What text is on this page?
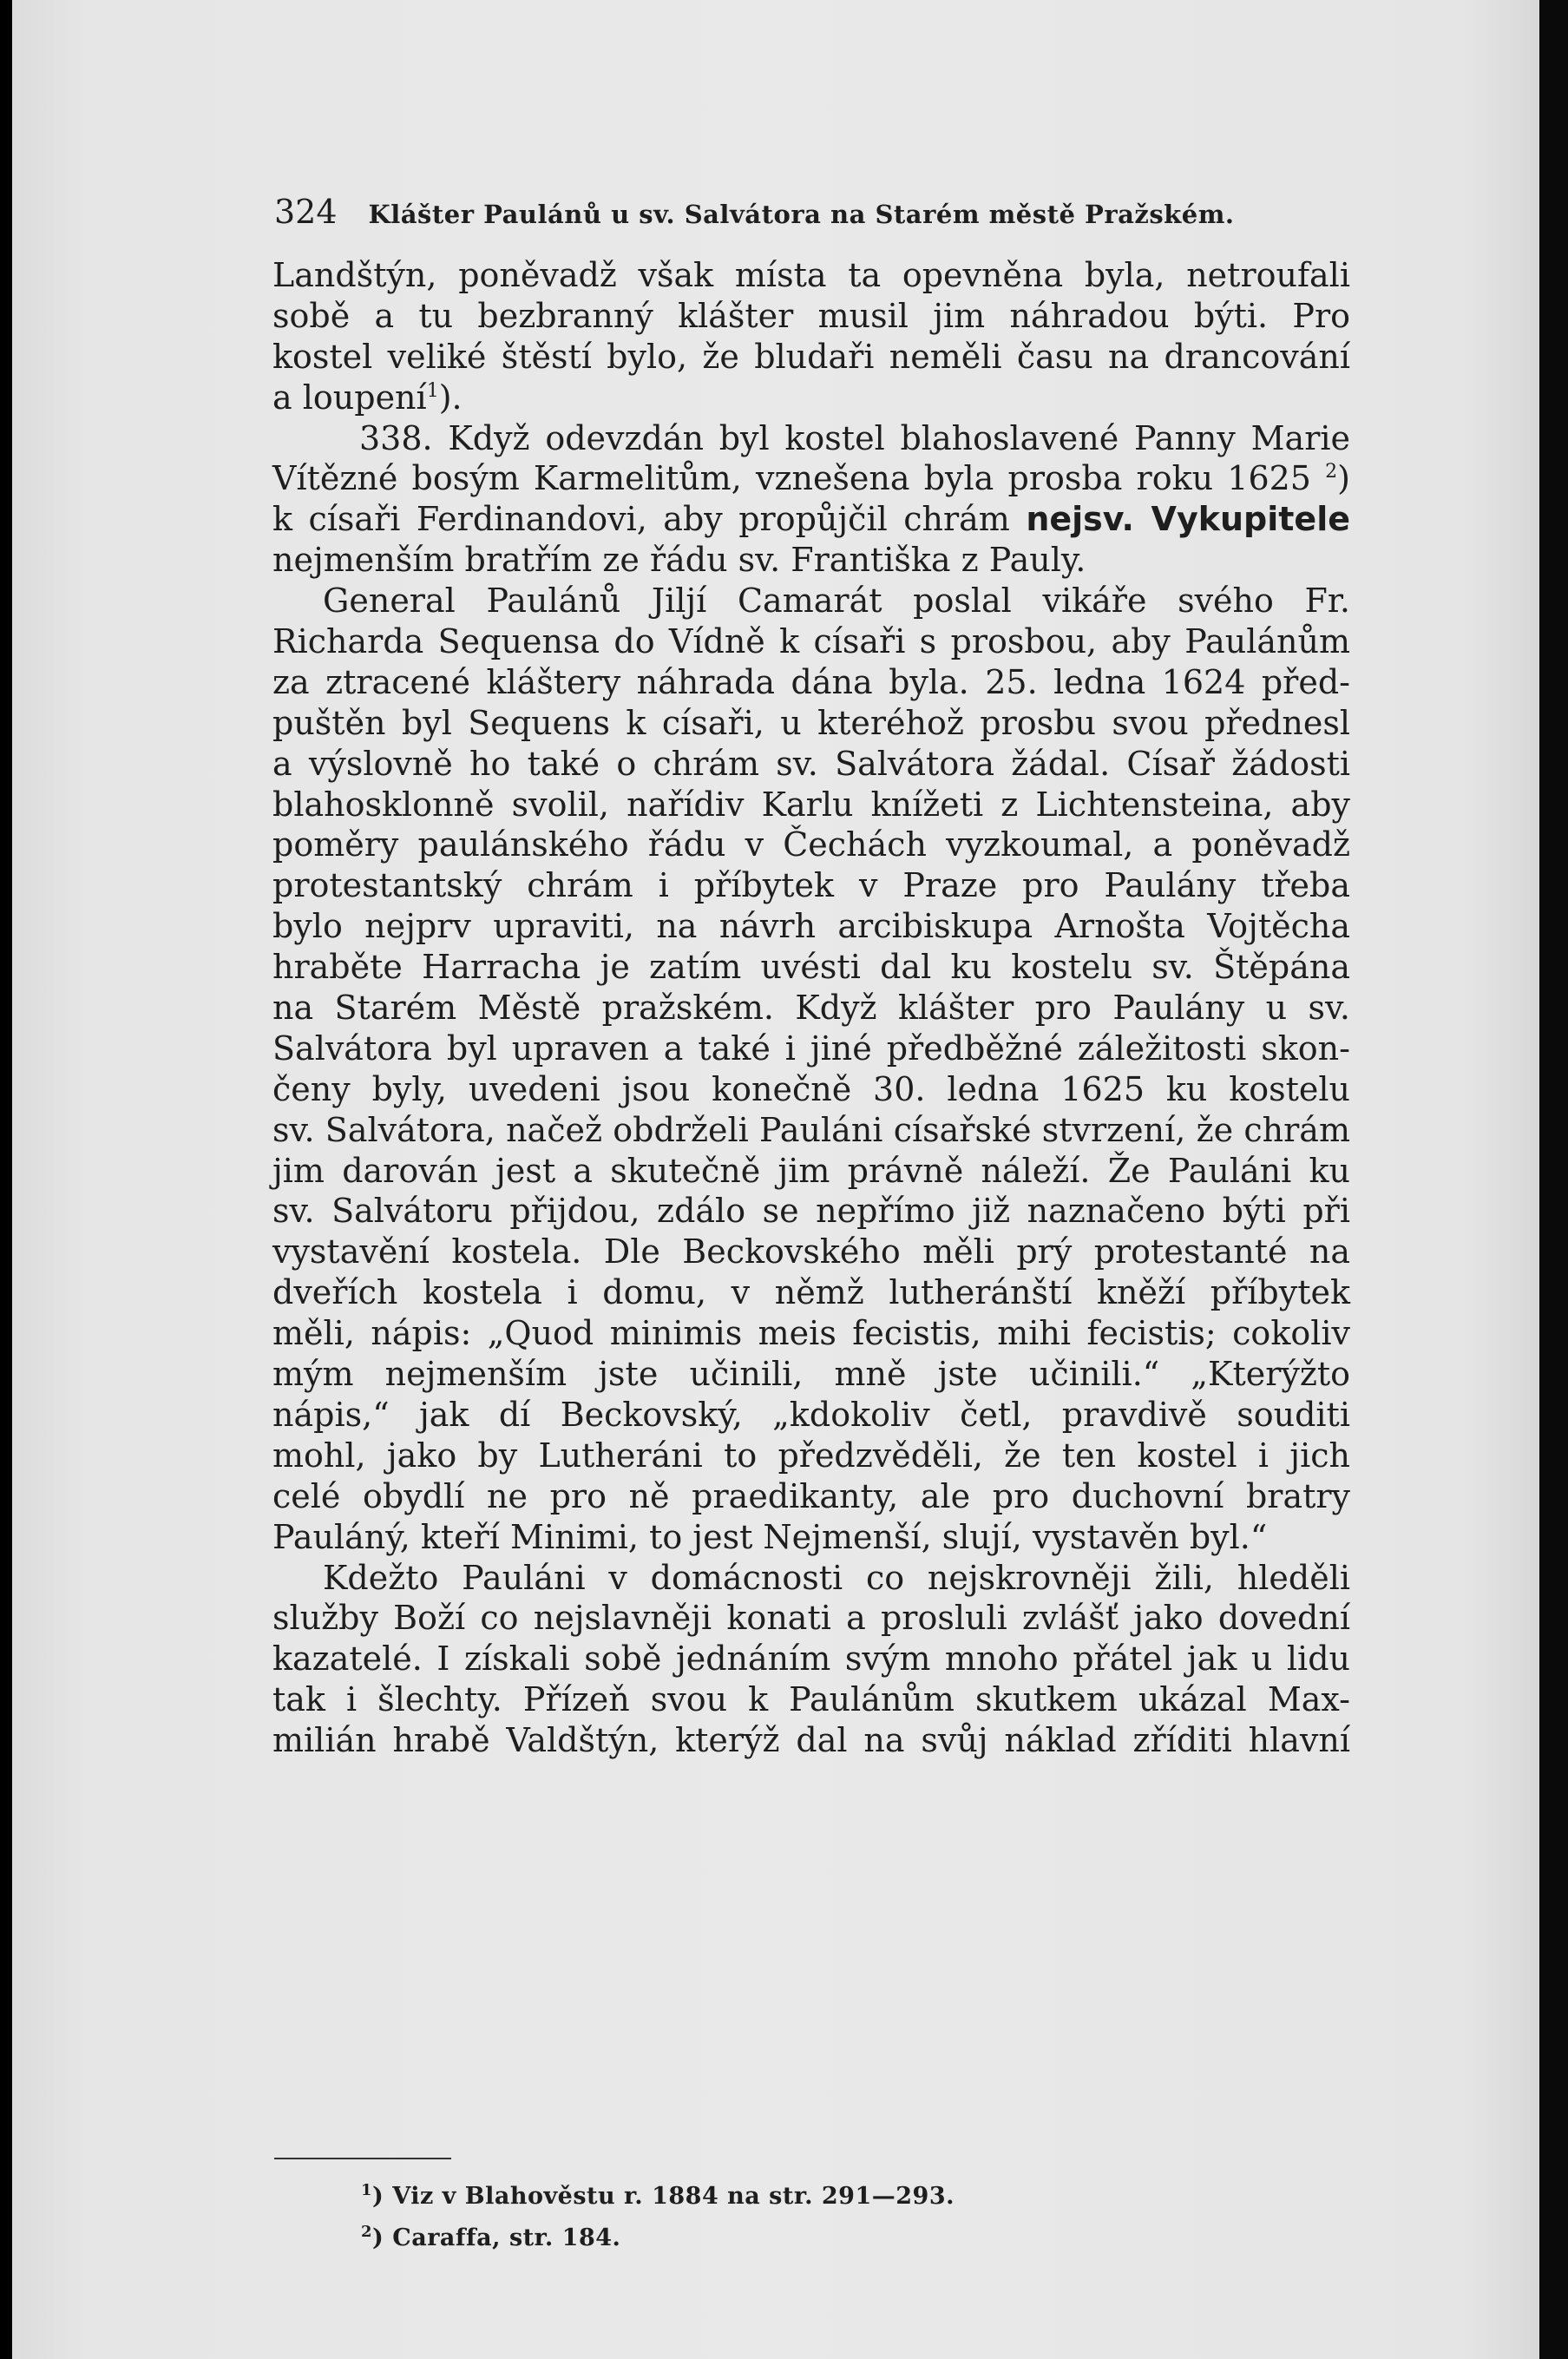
324 Klášter Paulánů u sv. Salvátora na Starém městě Pražském.
Landštýn, poněvadž však místa ta opevněna byla, netroufali
sobě a tu bezbranný klášter musil jim náhradou býti. Pro
kostel veliké štěstí bylo, že bludaři neměli času na drancování
a loupení$^1$).
338. Když odevzdán byl kostel blahoslavené Panny Marie
Vítězné bosým Karmelitům, vznešena byla prosba roku 1625 $^2$)
k císaři Ferdinandovi, aby propůjčil chrám nejsv. Vykupitele
nejmenším bratřím ze řádu sv. Františka z Pauly.
General Paulánů Jiljí Camarát poslal vikáře svého Fr.
Richarda Sequensa do Vídně k císaři s prosbou, aby Paulánům
za ztracené kláštery náhrada dána byla. 25. ledna 1624 před-
puštěn byl Sequens k císaři, u kteréhož prosbu svou přednesl
a výslovně ho také o chrám sv. Salvátora žádal. Císař žádosti
blahosklonně svolil, nařídiv Karlu knížeti z Lichtensteina, aby
poměry paulánského řádu v Čechách vyzkoumal, a poněvadž
protestantský chrám i příbytek v Praze pro Paulány třeba
bylo nejprv upraviti, na návrh arcibiskupa Arnošta Vojtěcha
hraběte Harracha je zatím uvésti dal ku kostelu sv. Štěpána
na Starém Městě pražském. Když klášter pro Paulány u sv.
Salvátora byl upraven a také i jiné předběžné záležitosti skon-
čeny byly, uvedeni jsou konečně 30. ledna 1625 ku kostelu
sv. Salvátora, načež obdrželi Pauláni císařské stvrzení, že chrám
jim darován jest a skutečně jim právně náleží. Že Pauláni ku
sv. Salvátoru přijdou, zdálo se nepřímo již naznačeno býti při
vystavění kostela. Dle Beckovského měli prý protestanté na
dveřích kostela i domu, v němž lutheránští kněží příbytek
měli, nápis: „Quod minimis meis fecistis, mihi fecistis; cokoliv
mým nejmenším jste učinili, mně jste učinili.“ „Kterýžto
nápis,“ jak dí Beckovský, „kdokoliv četl, pravdivě souditi
mohl, jako by Lutheráni to předzvěděli, že ten kostel i jich
celé obydlí ne pro ně praedikanty, ale pro duchovní bratry
Pauláný, kteří Minimi, to jest Nejmenší, slují, vystavěn byl.“
Kdežto Pauláni v domácnosti co nejskrovněji žili, hleděli
služby Boží co nejslavněji konati a prosluli zvlášť jako dovední
kazatelé. I získali sobě jednáním svým mnoho přátel jak u lidu
tak i šlechty. Přízeň svou k Paulánům skutkem ukázal Max-
milián hrabě Valdštýn, kterýž dal na svůj náklad zříditi hlavní
$^1$) Viz v Blahověstu r. 1884 na str. 291—293.
$^2$) Caraffa, str. 184.
